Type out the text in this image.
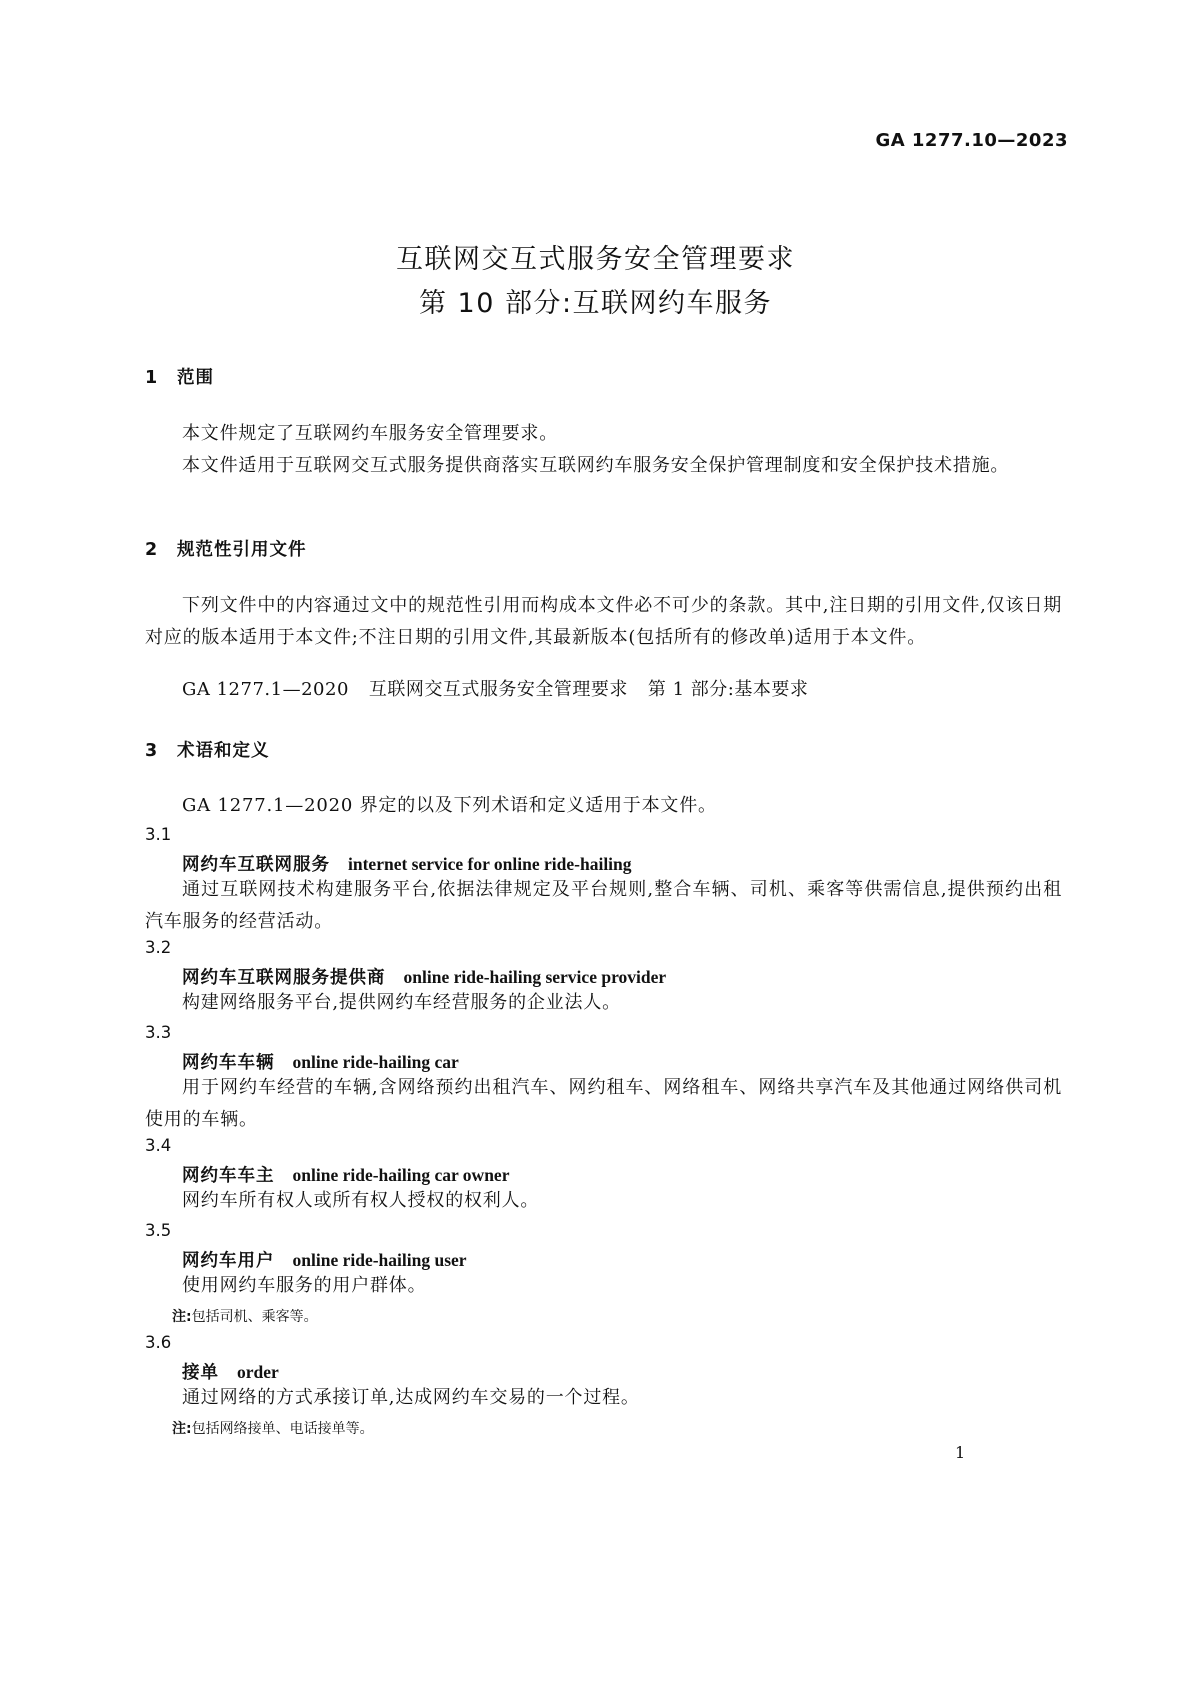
GA 1277.10—2023
互联网交互式服务安全管理要求
第 10 部分:互联网约车服务
1 范围
本文件规定了互联网约车服务安全管理要求。
本文件适用于互联网交互式服务提供商落实互联网约车服务安全保护管理制度和安全保护技术措施。
2 规范性引用文件
下列文件中的内容通过文中的规范性引用而构成本文件必不可少的条款。其中,注日期的引用文件,仅该日期对应的版本适用于本文件;不注日期的引用文件,其最新版本(包括所有的修改单)适用于本文件。
GA 1277.1—2020 互联网交互式服务安全管理要求 第 1 部分:基本要求
3 术语和定义
GA 1277.1—2020 界定的以及下列术语和定义适用于本文件。
3.1
网约车互联网服务 internet service for online ride-hailing
通过互联网技术构建服务平台,依据法律规定及平台规则,整合车辆、司机、乘客等供需信息,提供预约出租汽车服务的经营活动。
3.2
网约车互联网服务提供商 online ride-hailing service provider
构建网络服务平台,提供网约车经营服务的企业法人。
3.3
网约车车辆 online ride-hailing car
用于网约车经营的车辆,含网络预约出租汽车、网约租车、网络租车、网络共享汽车及其他通过网络供司机使用的车辆。
3.4
网约车车主 online ride-hailing car owner
网约车所有权人或所有权人授权的权利人。
3.5
网约车用户 online ride-hailing user
使用网约车服务的用户群体。
注:包括司机、乘客等。
3.6
接单 order
通过网络的方式承接订单,达成网约车交易的一个过程。
注:包括网络接单、电话接单等。
1
